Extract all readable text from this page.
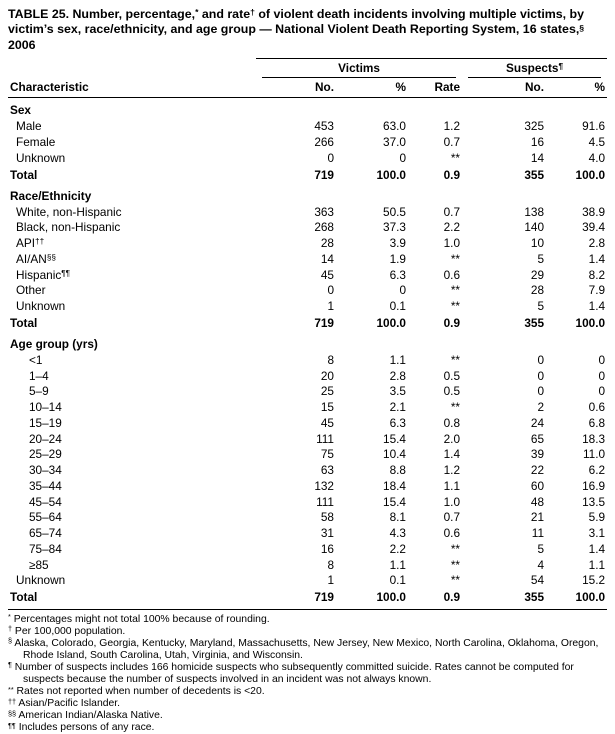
TABLE 25. Number, percentage,* and rate† of violent death incidents involving multiple victims, by victim’s sex, race/ethnicity, and age group — National Violent Death Reporting System, 16 states,§ 2006

	Victims			Suspects¶

Characteristic	No.	%	Rate	No.	%
Sex					
Male	453	63.0	1.2	325	91.6
Female	266	37.0	0.7	16	4.5
Unknown	0	0	**	14	4.0
Total	719	100.0	0.9	355	100.0
Race/Ethnicity					
White, non-Hispanic	363	50.5	0.7	138	38.9
Black, non-Hispanic	268	37.3	2.2	140	39.4
API††	28	3.9	1.0	10	2.8
AI/AN§§	14	1.9	**	5	1.4
Hispanic¶¶	45	6.3	0.6	29	8.2
Other	0	0	**	28	7.9
Unknown	1	0.1	**	5	1.4
Total	719	100.0	0.9	355	100.0
Age group (yrs)					
<1	8	1.1	**	0	0
1–4	20	2.8	0.5	0	0
5–9	25	3.5	0.5	0	0
10–14	15	2.1	**	2	0.6
15–19	45	6.3	0.8	24	6.8
20–24	111	15.4	2.0	65	18.3
25–29	75	10.4	1.4	39	11.0
30–34	63	8.8	1.2	22	6.2
35–44	132	18.4	1.1	60	16.9
45–54	111	15.4	1.0	48	13.5
55–64	58	8.1	0.7	21	5.9
65–74	31	4.3	0.6	11	3.1
75–84	16	2.2	**	5	1.4
≥85	8	1.1	**	4	1.1
Unknown	1	0.1	**	54	15.2
Total	719	100.0	0.9	355	100.0
* Percentages might not total 100% because of rounding.
† Per 100,000 population.
§ Alaska, Colorado, Georgia, Kentucky, Maryland, Massachusetts, New Jersey, New Mexico, North Carolina, Oklahoma, Oregon, Rhode Island, South Carolina, Utah, Virginia, and Wisconsin.
¶ Number of suspects includes 166 homicide suspects who subsequently committed suicide. Rates cannot be computed for suspects because the number of suspects involved in an incident was not always known.
** Rates not reported when number of decedents is <20.
†† Asian/Pacific Islander.
§§ American Indian/Alaska Native.
¶¶ Includes persons of any race.
